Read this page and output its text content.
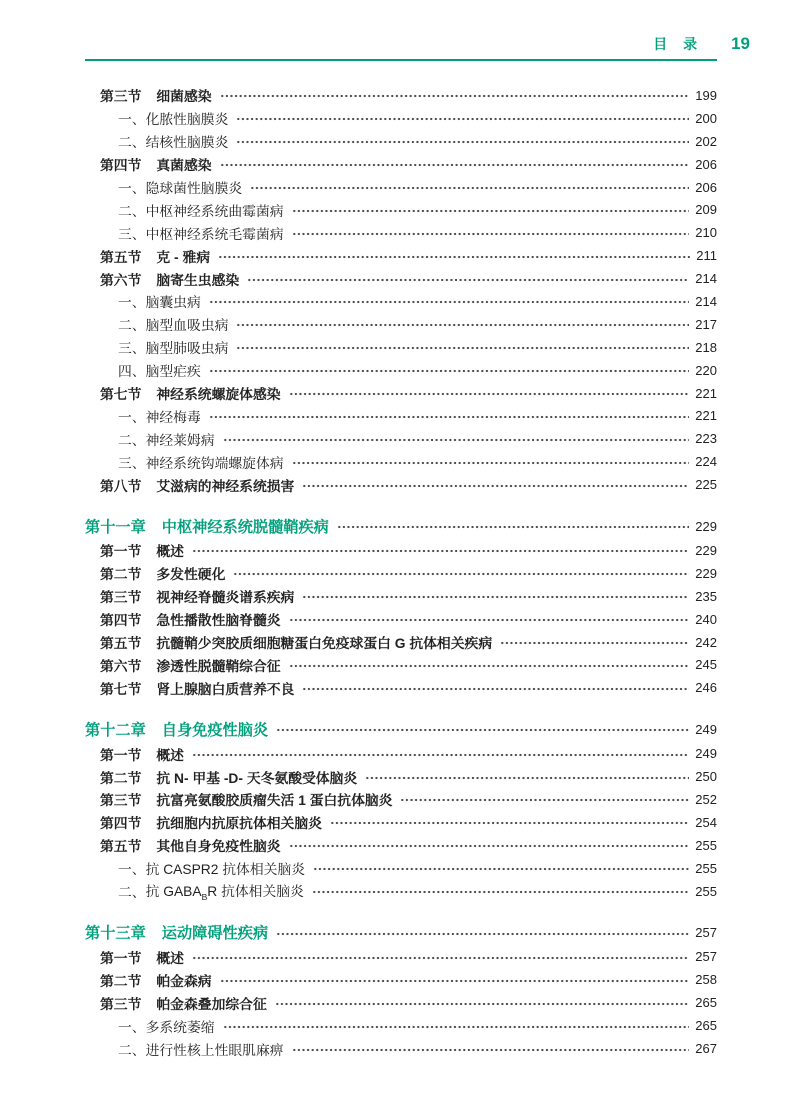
目 录 19
第三节 细菌感染	199
一、 化脓性脑膜炎	200
二、 结核性脑膜炎	202
第四节 真菌感染	206
一、 隐球菌性脑膜炎	206
二、 中枢神经系统曲霉菌病	209
三、 中枢神经系统毛霉菌病	210
第五节 克 - 雅病	211
第六节 脑寄生虫感染	214
一、 脑囊虫病	214
二、 脑型血吸虫病	217
三、 脑型肺吸虫病	218
四、 脑型疟疾	220
第七节 神经系统螺旋体感染	221
一、 神经梅毒	221
二、 神经莱姆病	223
三、 神经系统钩端螺旋体病	224
第八节 艾滋病的神经系统损害	225
第十一章 中枢神经系统脱髓鞘疾病	229
第一节 概述	229
第二节 多发性硬化	229
第三节 视神经脊髓炎谱系疾病	235
第四节 急性播散性脑脊髓炎	240
第五节 抗髓鞘少突胶质细胞糖蛋白免疫球蛋白 G 抗体相关疾病	242
第六节 渗透性脱髓鞘综合征	245
第七节 肾上腺脑白质营养不良	246
第十二章 自身免疫性脑炎	249
第一节 概述	249
第二节 抗 N- 甲基 -D- 天冬氨酸受体脑炎	250
第三节 抗富亮氨酸胶质瘤失活 1 蛋白抗体脑炎	252
第四节 抗细胞内抗原抗体相关脑炎	254
第五节 其他自身免疫性脑炎	255
一、 抗 CASPR2 抗体相关脑炎	255
二、 抗 $GABA_BR$ 抗体相关脑炎	255
第十三章 运动障碍性疾病	257
第一节 概述	257
第二节 帕金森病	258
第三节 帕金森叠加综合征	265
一、 多系统萎缩	265
二、 进行性核上性眼肌麻痹	267
